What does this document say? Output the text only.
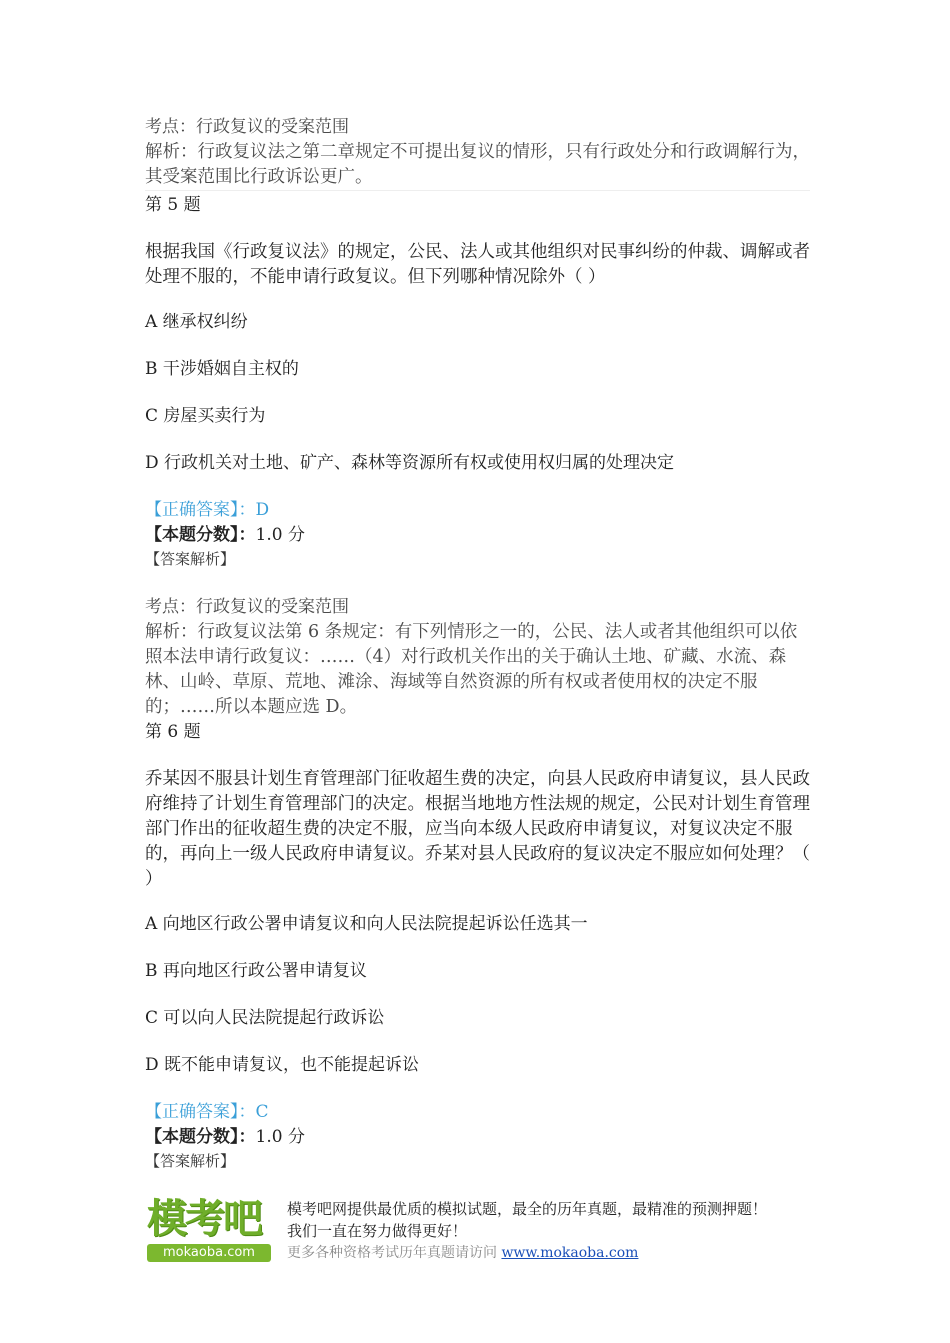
考点：行政复议的受案范围
解析：行政复议法之第二章规定不可提出复议的情形，只有行政处分和行政调解行为，其受案范围比行政诉讼更广。
第 5 题
根据我国《行政复议法》的规定，公民、法人或其他组织对民事纠纷的仲裁、调解或者处理不服的，不能申请行政复议。但下列哪种情况除外（ ）
A 继承权纠纷
B 干涉婚姻自主权的
C 房屋买卖行为
D 行政机关对土地、矿产、森林等资源所有权或使用权归属的处理决定
【正确答案】：D
【本题分数】：1.0 分
【答案解析】
考点：行政复议的受案范围
解析：行政复议法第 6 条规定：有下列情形之一的，公民、法人或者其他组织可以依照本法申请行政复议：……（4）对行政机关作出的关于确认土地、矿藏、水流、森林、山岭、草原、荒地、滩涂、海域等自然资源的所有权或者使用权的决定不服的；……所以本题应选 D。
第 6 题
乔某因不服县计划生育管理部门征收超生费的决定，向县人民政府申请复议，县人民政府维持了计划生育管理部门的决定。根据当地地方性法规的规定，公民对计划生育管理部门作出的征收超生费的决定不服，应当向本级人民政府申请复议，对复议决定不服的，再向上一级人民政府申请复议。乔某对县人民政府的复议决定不服应如何处理？（ ）
A 向地区行政公署申请复议和向人民法院提起诉讼任选其一
B 再向地区行政公署申请复议
C 可以向人民法院提起行政诉讼
D 既不能申请复议，也不能提起诉讼
【正确答案】：C
【本题分数】：1.0 分
【答案解析】
模考吧
mokaoba.com
模考吧网提供最优质的模拟试题，最全的历年真题，最精准的预测押题！
我们一直在努力做得更好！
更多各种资格考试历年真题请访问 www.mokaoba.com
